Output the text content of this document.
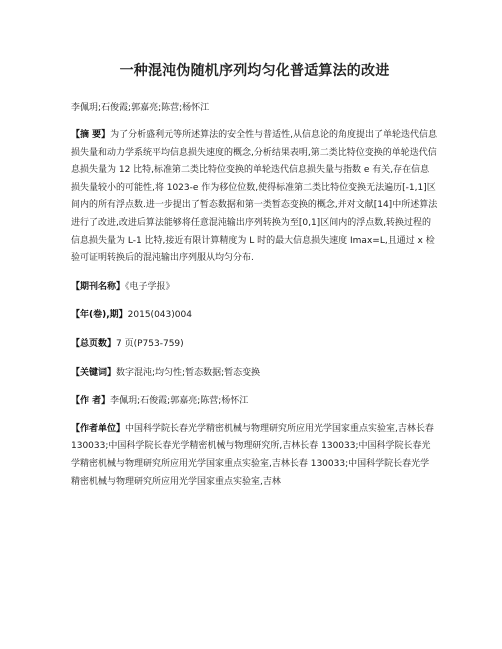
一种混沌伪随机序列均匀化普适算法的改进
李佩玥;石俊霞;郭嘉亮;陈营;杨怀江
【摘 要】为了分析盛利元等所述算法的安全性与普适性,从信息论的角度提出了单轮迭代信息损失量和动力学系统平均信息损失速度的概念,分析结果表明,第二类比特位变换的单轮迭代信息损失量为 12 比特,标准第二类比特位变换的单轮迭代信息损失量与指数 e 有关,存在信息损失量较小的可能性,将 1023-e 作为移位位数,使得标准第二类比特位变换无法遍历[-1,1]区间内的所有浮点数.进一步提出了暂态数据和第一类暂态变换的概念,并对文献[14]中所述算法进行了改进,改进后算法能够将任意混沌输出序列转换为至[0,1]区间内的浮点数,转换过程的信息损失量为 L-1 比特,接近有限计算精度为 L 时的最大信息损失速度 Imax=L,且通过 x 检验可证明转换后的混沌输出序列服从均匀分布.
【期刊名称】《电子学报》
【年(卷),期】2015(043)004
【总页数】7 页(P753-759)
【关键词】数字混沌;均匀性;暂态数据;暂态变换
【作 者】李佩玥;石俊霞;郭嘉亮;陈营;杨怀江
【作者单位】中国科学院长春光学精密机械与物理研究所应用光学国家重点实验室,吉林长春 130033;中国科学院长春光学精密机械与物理研究所,吉林长春 130033;中国科学院长春光学精密机械与物理研究所应用光学国家重点实验室,吉林长春 130033;中国科学院长春光学精密机械与物理研究所应用光学国家重点实验室,吉林
